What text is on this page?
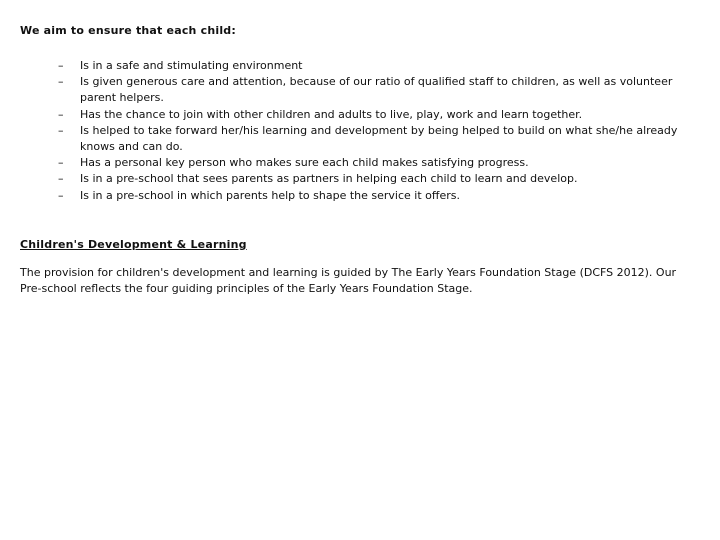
We aim to ensure that each child:
–	Is in a safe and stimulating environment
–	Is given generous care and attention, because of our ratio of qualified staff to children, as well as volunteer parent helpers.
–	Has the chance to join with other children and adults to live, play, work and learn together.
–	Is helped to take forward her/his learning and development by being helped to build on what she/he already knows and can do.
–	Has a personal key person who makes sure each child makes satisfying progress.
–	Is in a pre-school that sees parents as partners in helping each child to learn and develop.
–	Is in a pre-school in which parents help to shape the service it offers.
Children's Development & Learning

The provision for children's development and learning is guided by The Early Years Foundation Stage (DCFS 2012). Our Pre-school reflects the four guiding principles of the Early Years Foundation Stage.
